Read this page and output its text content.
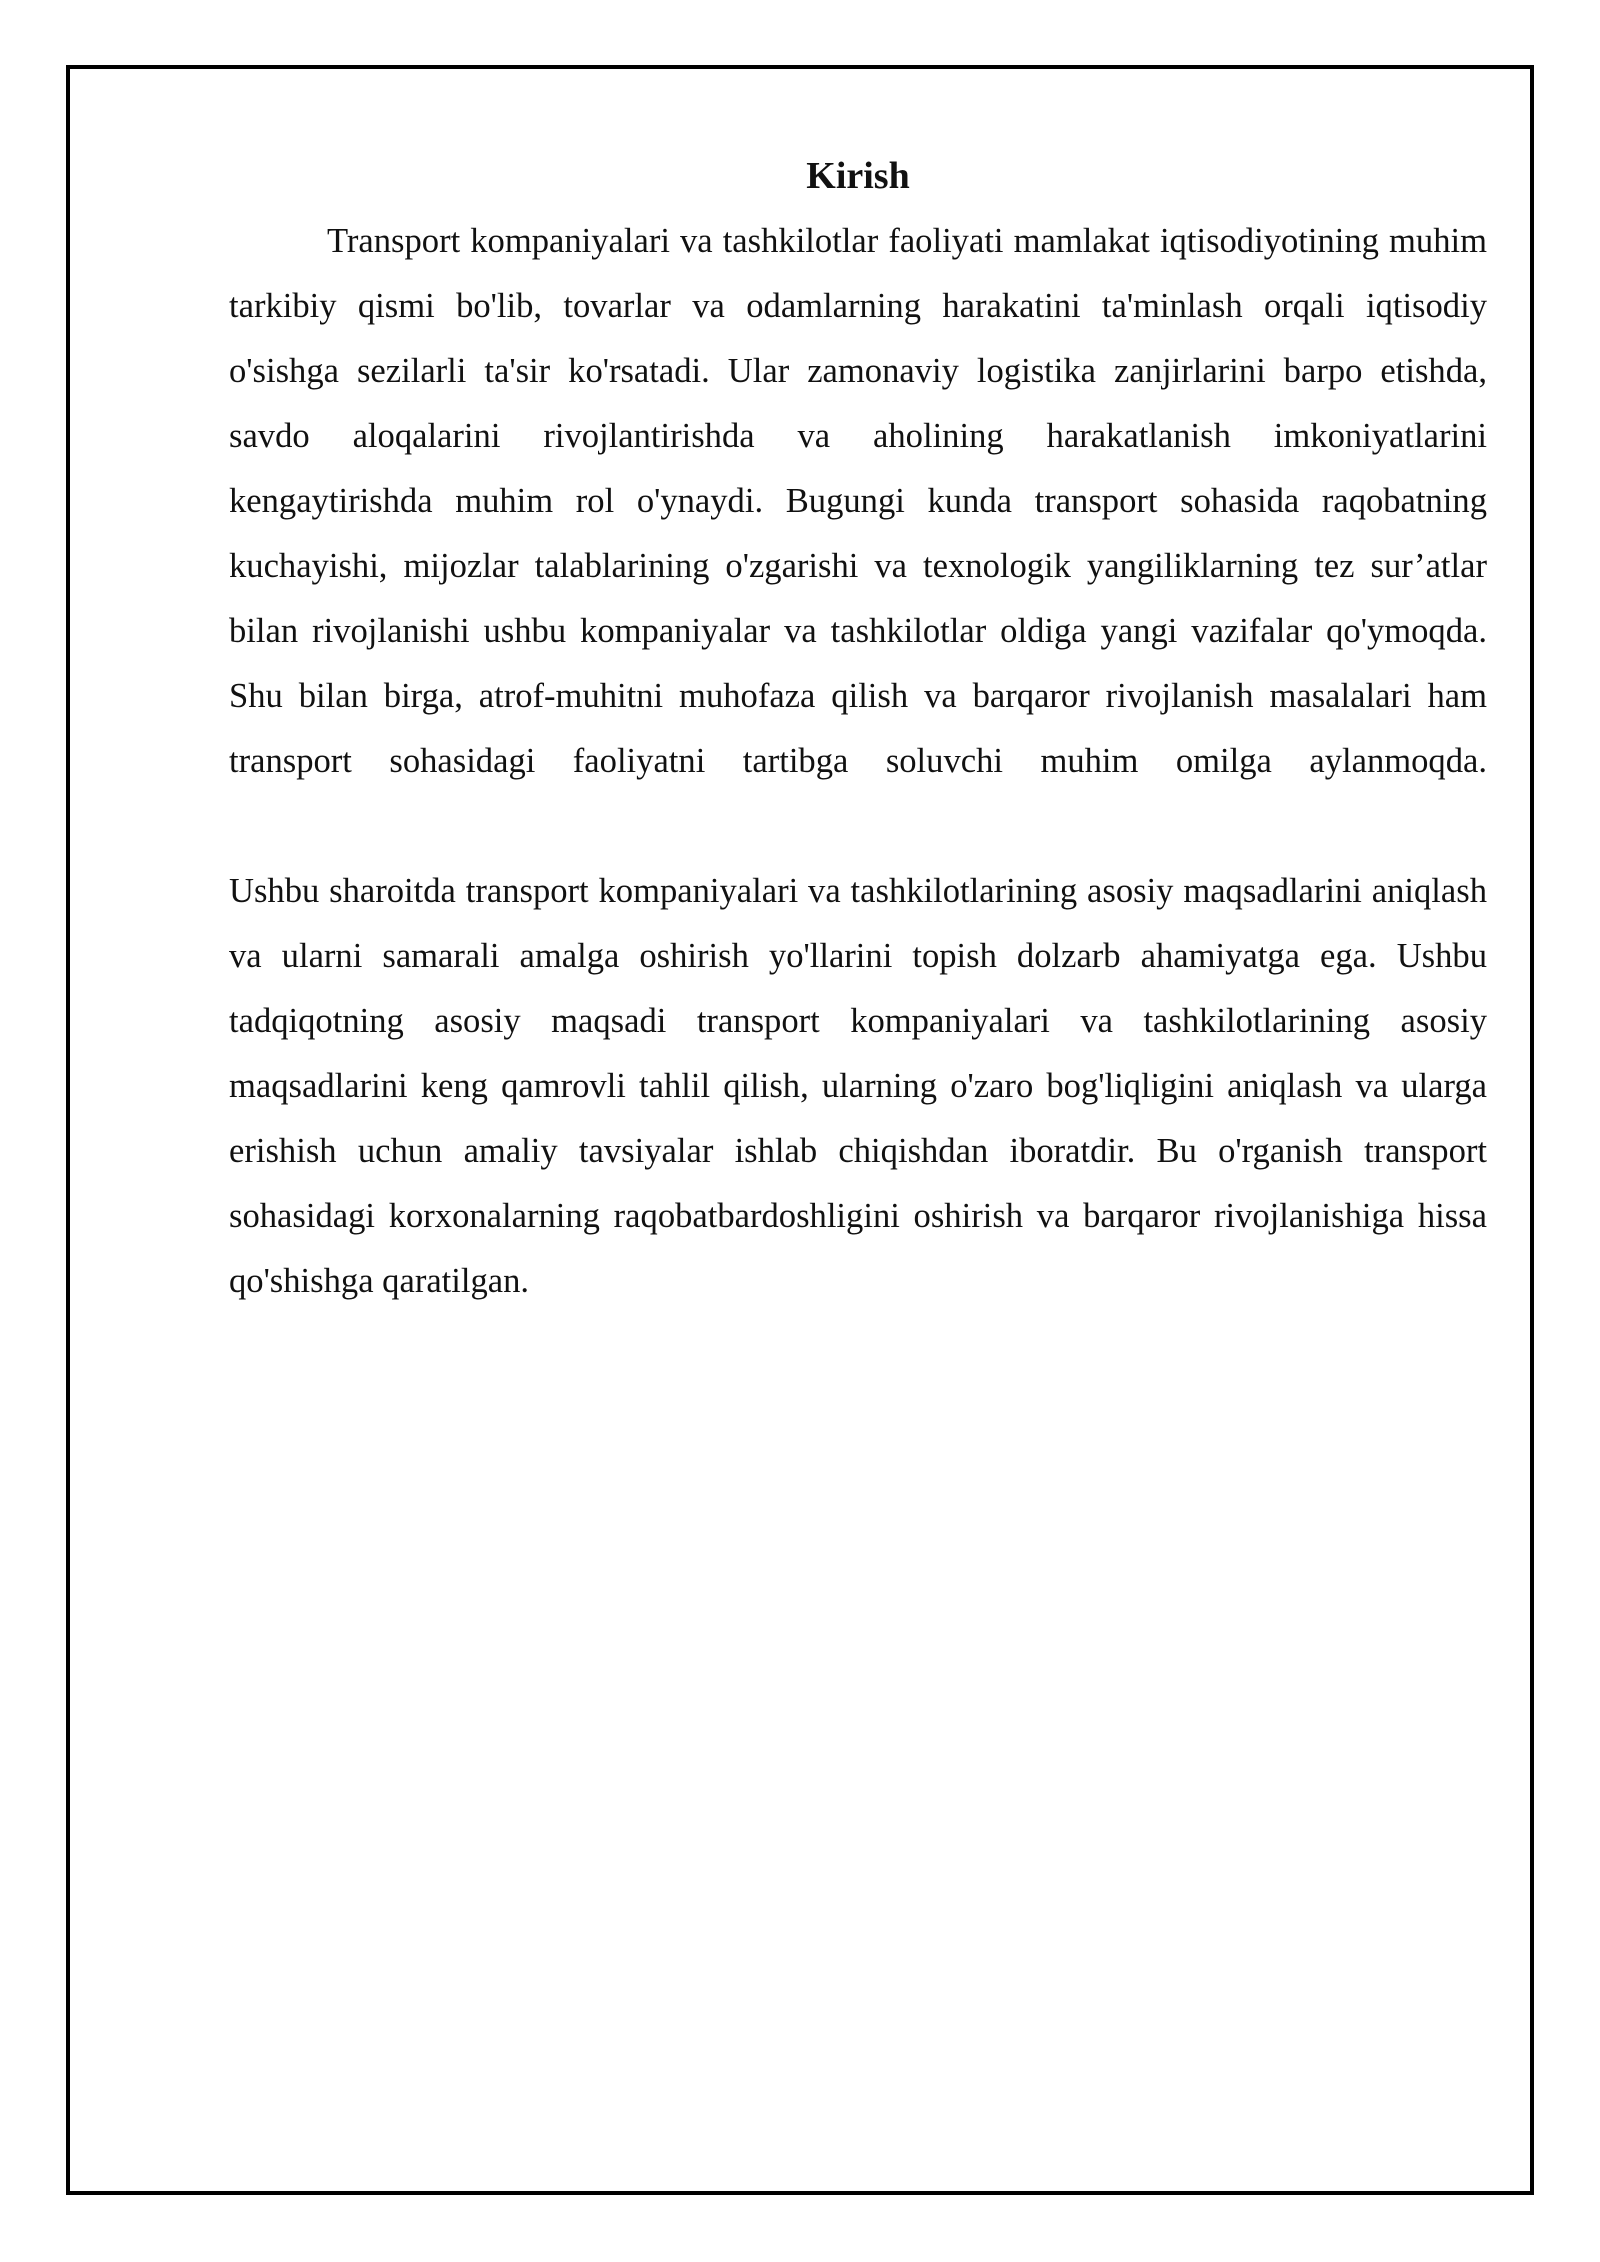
Kirish

Transport kompaniyalari va tashkilotlar faoliyati mamlakat iqtisodiyotining muhim tarkibiy qismi bo'lib, tovarlar va odamlarning harakatini ta'minlash orqali iqtisodiy o'sishga sezilarli ta'sir ko'rsatadi. Ular zamonaviy logistika zanjirlarini barpo etishda, savdo aloqalarini rivojlantirishda va aholining harakatlanish imkoniyatlarini kengaytirishda muhim rol o'ynaydi. Bugungi kunda transport sohasida raqobatning kuchayishi, mijozlar talablarining o'zgarishi va texnologik yangiliklarning tez sur’atlar bilan rivojlanishi ushbu kompaniyalar va tashkilotlar oldiga yangi vazifalar qo'ymoqda. Shu bilan birga, atrof-muhitni muhofaza qilish va barqaror rivojlanish masalalari ham transport sohasidagi faoliyatni tartibga soluvchi muhim omilga aylanmoqda.

Ushbu sharoitda transport kompaniyalari va tashkilotlarining asosiy maqsadlarini aniqlash va ularni samarali amalga oshirish yo'llarini topish dolzarb ahamiyatga ega. Ushbu tadqiqotning asosiy maqsadi transport kompaniyalari va tashkilotlarining asosiy maqsadlarini keng qamrovli tahlil qilish, ularning o'zaro bog'liqligini aniqlash va ularga erishish uchun amaliy tavsiyalar ishlab chiqishdan iboratdir. Bu o'rganish transport sohasidagi korxonalarning raqobatbardoshligini oshirish va barqaror rivojlanishiga hissa qo'shishga qaratilgan.
